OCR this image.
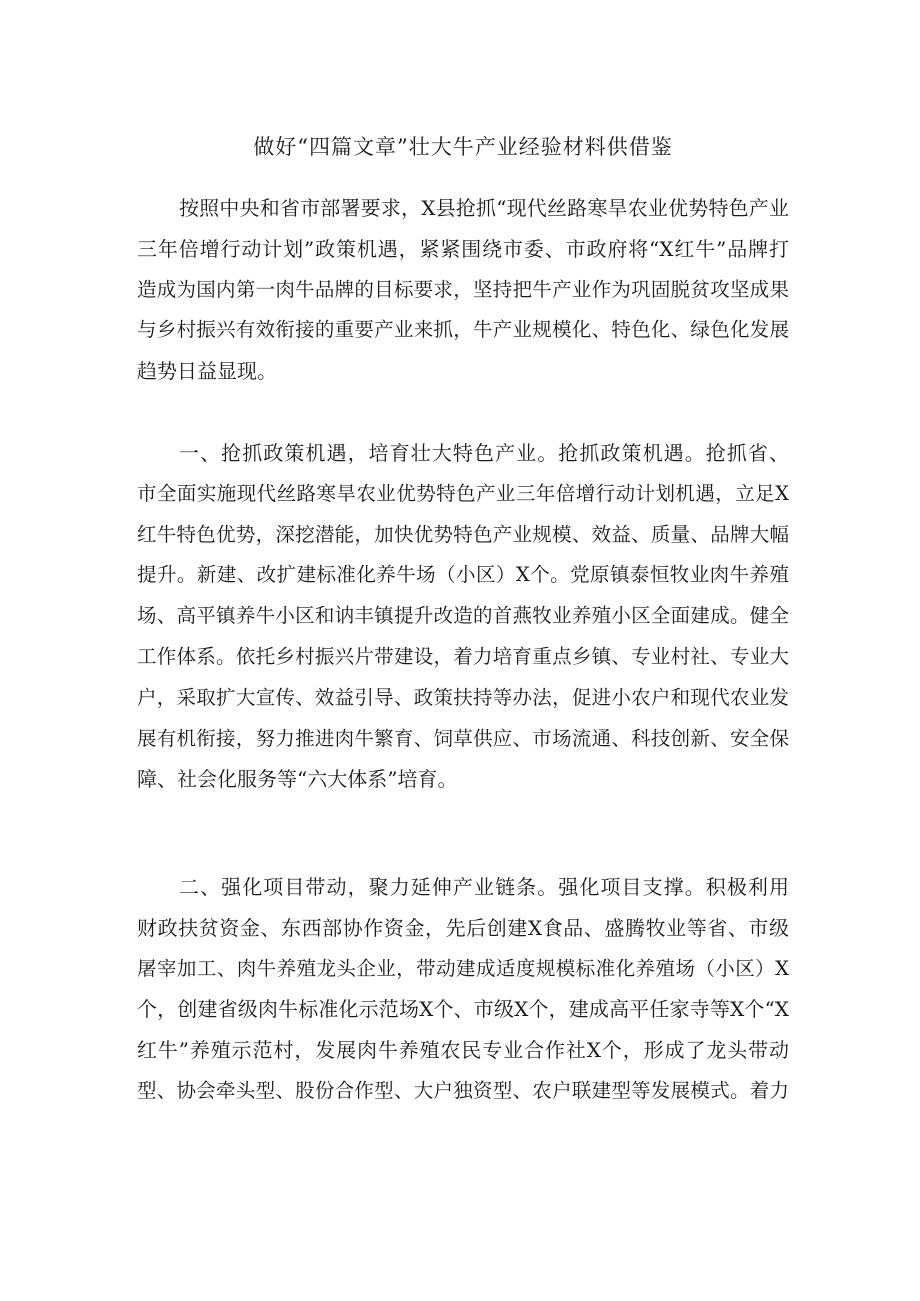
做好“四篇文章”壮大牛产业经验材料供借鉴
按照中央和省市部署要求，X县抢抓“现代丝路寒旱农业优势特色产业
三年倍增行动计划”政策机遇，紧紧围绕市委、市政府将“X红牛”品牌打
造成为国内第一肉牛品牌的目标要求，坚持把牛产业作为巩固脱贫攻坚成果
与乡村振兴有效衔接的重要产业来抓，牛产业规模化、特色化、绿色化发展
趋势日益显现。
一、抢抓政策机遇，培育壮大特色产业。抢抓政策机遇。抢抓省、
市全面实施现代丝路寒旱农业优势特色产业三年倍增行动计划机遇，立足X
红牛特色优势，深挖潜能，加快优势特色产业规模、效益、质量、品牌大幅
提升。新建、改扩建标准化养牛场（小区）X个。党原镇泰恒牧业肉牛养殖
场、高平镇养牛小区和讷丰镇提升改造的首燕牧业养殖小区全面建成。健全
工作体系。依托乡村振兴片带建设，着力培育重点乡镇、专业村社、专业大
户，采取扩大宣传、效益引导、政策扶持等办法，促进小农户和现代农业发
展有机衔接，努力推进肉牛繁育、饲草供应、市场流通、科技创新、安全保
障、社会化服务等“六大体系”培育。
二、强化项目带动，聚力延伸产业链条。强化项目支撑。积极利用
财政扶贫资金、东西部协作资金，先后创建X食品、盛腾牧业等省、市级
屠宰加工、肉牛养殖龙头企业，带动建成适度规模标准化养殖场（小区）X
个，创建省级肉牛标准化示范场X个、市级X个，建成高平任家寺等X个“X
红牛”养殖示范村，发展肉牛养殖农民专业合作社X个，形成了龙头带动
型、协会牵头型、股份合作型、大户独资型、农户联建型等发展模式。着力
